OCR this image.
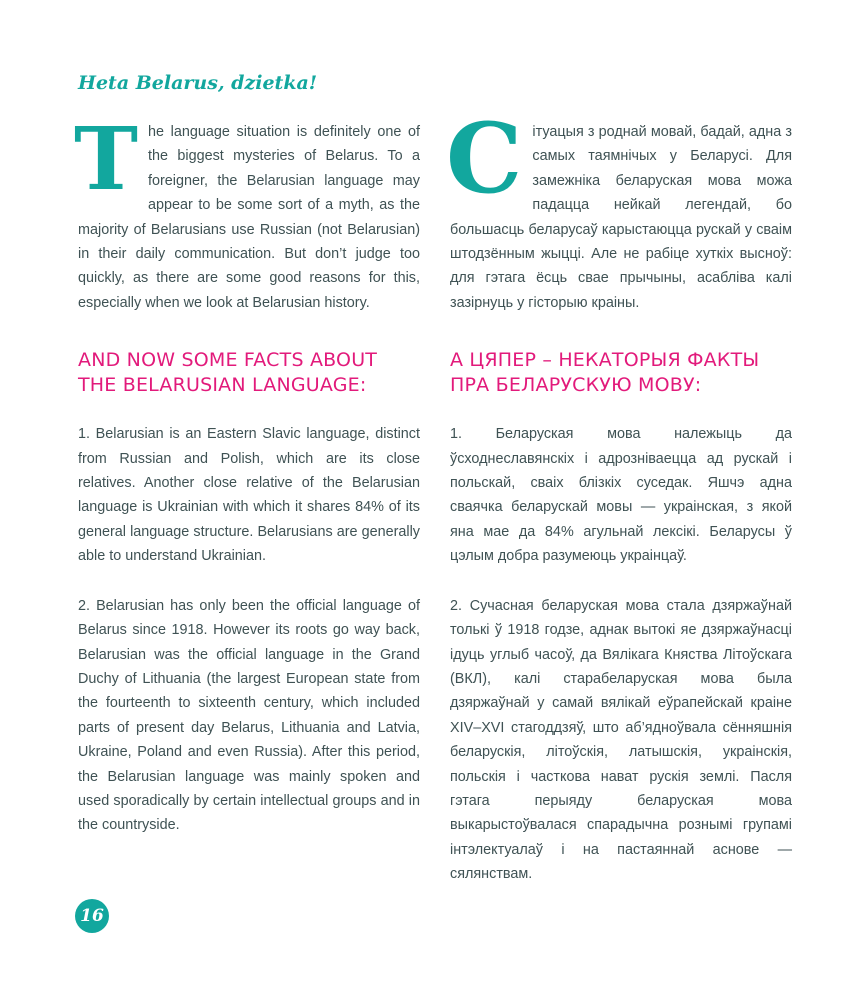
Heta Belarus, dzietka!

The language situation is definitely one of the biggest mysteries of Belarus. To a foreigner, the Belarusian language may appear to be some sort of a myth, as the majority of Belarusians use Russian (not Belarusian) in their daily communication. But don’t judge too quickly, as there are some good reasons for this, especially when we look at Belarusian history.

AND NOW SOME FACTS ABOUT THE BELARUSIAN LANGUAGE:

1. Belarusian is an Eastern Slavic language, distinct from Russian and Polish, which are its close relatives. Another close relative of the Belarusian language is Ukrainian with which it shares 84% of its general language structure. Belarusians are generally able to understand Ukrainian.

2. Belarusian has only been the official language of Belarus since 1918. However its roots go way back, Belarusian was the official language in the Grand Duchy of Lithuania (the largest European state from the fourteenth to sixteenth century, which included parts of present day Belarus, Lithuania and Latvia, Ukraine, Poland and even Russia). After this period, the Belarusian language was mainly spoken and used sporadically by certain intellectual groups and in the countryside.

Сітуацыя з роднай мовай, бадай, адна з самых таямнічых у Беларусі. Для замежніка беларуская мова можа падацца нейкай легендай, бо большасць беларусаў карыстаюцца рускай у сваім штодзённым жыцці. Але не рабіце хуткіх высноў: для гэтага ёсць свае прычыны, асабліва калі зазірнуць у гісторыю краіны.

А ЦЯПЕР – НЕКАТОРЫЯ ФАКТЫ ПРА БЕЛАРУСКУЮ МОВУ:

1. Беларуская мова належыць да ўсходнеславянскіх і адрозніваецца ад рускай і польскай, сваіх блізкіх суседак. Яшчэ адна сваячка беларускай мовы — украінская, з якой яна мае да 84% агульнай лексікі. Беларусы ў цэлым добра разумеюць украінцаў.

2. Сучасная беларуская мова стала дзяржаўнай толькі ў 1918 годзе, аднак вытокі яе дзяржаўнасці ідуць углыб часоў, да Вялікага Княства Літоўскага (ВКЛ), калі старабеларуская мова была дзяржаўнай у самай вялікай еўрапейскай краіне XIV–XVI стагоддзяў, што аб’ядноўвала сённяшнія беларускія, літоўскія, латышскія, украінскія, польскія і часткова нават рускія землі. Пасля гэтага перыяду беларуская мова выкарыстоўвалася спарадычна рознымі групамі інтэлектуалаў і на пастаяннай аснове — сялянствам.

16
